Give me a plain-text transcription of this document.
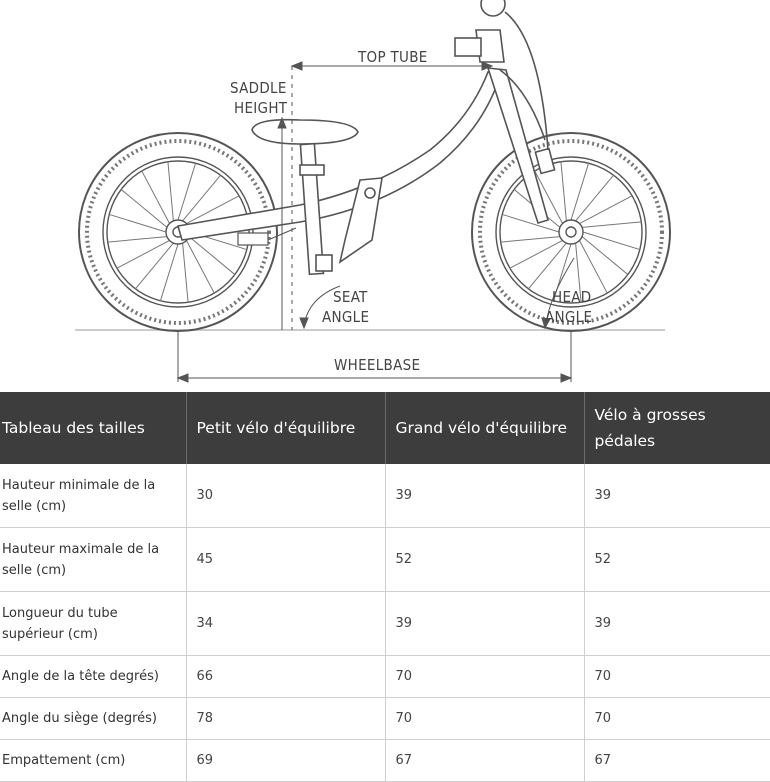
TOP TUBE
SADDLE
HEIGHT
SEAT
ANGLE
HEAD
ANGLE
WHEELBASE
Tableau des tailles	Petit vélo d'équilibre	Grand vélo d'équilibre	Vélo à grosses pédales
Hauteur minimale de la selle (cm)	30	39	39
Hauteur maximale de la selle (cm)	45	52	52
Longueur du tube supérieur (cm)	34	39	39
Angle de la tête degrés)	66	70	70
Angle du siège (degrés)	78	70	70
Empattement (cm)	69	67	67
